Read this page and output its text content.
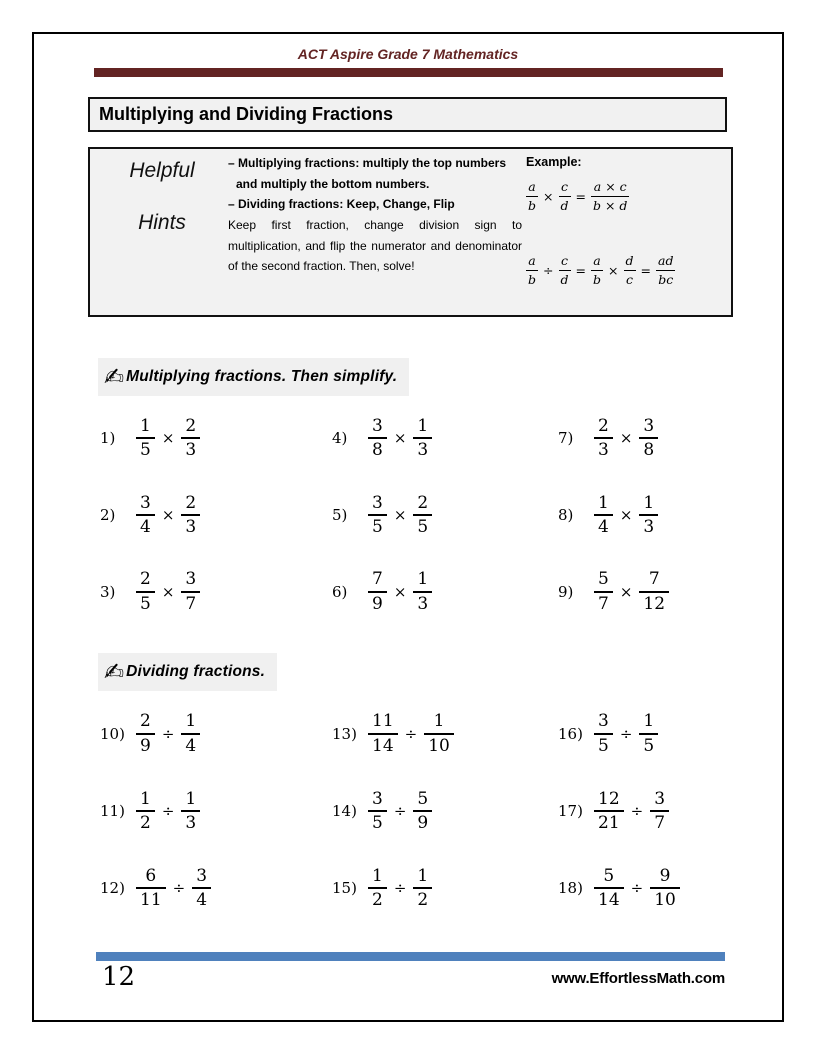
ACT Aspire Grade 7 Mathematics
Multiplying and Dividing Fractions
Helpful
Hints

– Multiplying fractions: multiply the top numbers and multiply the bottom numbers.

– Dividing fractions: Keep, Change, Flip

Keep first fraction, change division sign to multiplication, and flip the numerator and denominator of the second fraction. Then, solve!

Example:
$\frac{a}{b} \times \frac{c}{d} = \frac{a \times c}{b \times d}$
$\frac{a}{b} \div \frac{c}{d} = \frac{a}{b} \times \frac{d}{c} = \frac{ad}{bc}$
✍ Multiplying fractions. Then simplify.
1)	$\frac{1}{5} \times \frac{2}{3}$
2)	$\frac{3}{4} \times \frac{2}{3}$
3)	$\frac{2}{5} \times \frac{3}{7}$
4)	$\frac{3}{8} \times \frac{1}{3}$
5)	$\frac{3}{5} \times \frac{2}{5}$
6)	$\frac{7}{9} \times \frac{1}{3}$
7)	$\frac{2}{3} \times \frac{3}{8}$
8)	$\frac{1}{4} \times \frac{1}{3}$
9)	$\frac{5}{7} \times \frac{7}{12}$
✍ Dividing fractions.
$10) \frac{2}{9} \div \frac{1}{4}$
$11) \frac{1}{2} \div \frac{1}{3}$
$12) \frac{6}{11} \div \frac{3}{4}$
$13) \frac{11}{14} \div \frac{1}{10}$
$14) \frac{3}{5} \div \frac{5}{9}$
$15) \frac{1}{2} \div \frac{1}{2}$
$16) \frac{3}{5} \div \frac{1}{5}$
$17) \frac{12}{21} \div \frac{3}{7}$
$18) \frac{5}{14} \div \frac{9}{10}$
12	www.EffortlessMath.com
